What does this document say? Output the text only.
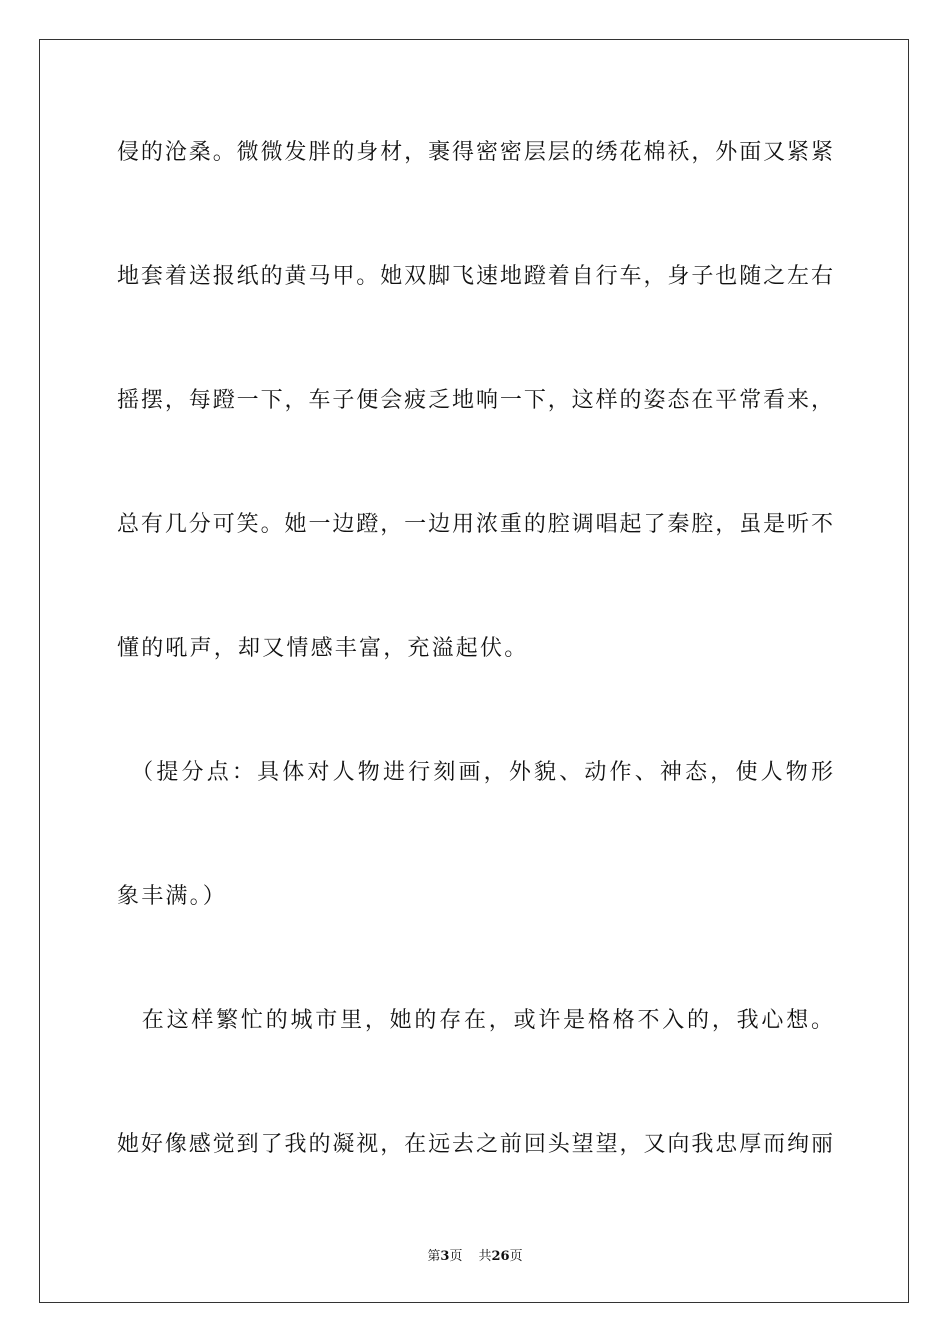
侵的沧桑。微微发胖的身材，裹得密密层层的绣花棉袄，外面又紧紧
地套着送报纸的黄马甲。她双脚飞速地蹬着自行车，身子也随之左右
摇摆，每蹬一下，车子便会疲乏地响一下，这样的姿态在平常看来，
总有几分可笑。她一边蹬，一边用浓重的腔调唱起了秦腔，虽是听不
懂的吼声，却又情感丰富，充溢起伏。
　（提分点：具体对人物进行刻画，外貌、动作、神态，使人物形
象丰满。）
　在这样繁忙的城市里，她的存在，或许是格格不入的，我心想。
她好像感觉到了我的凝视，在远去之前回头望望，又向我忠厚而绚丽
第3页 共26页
